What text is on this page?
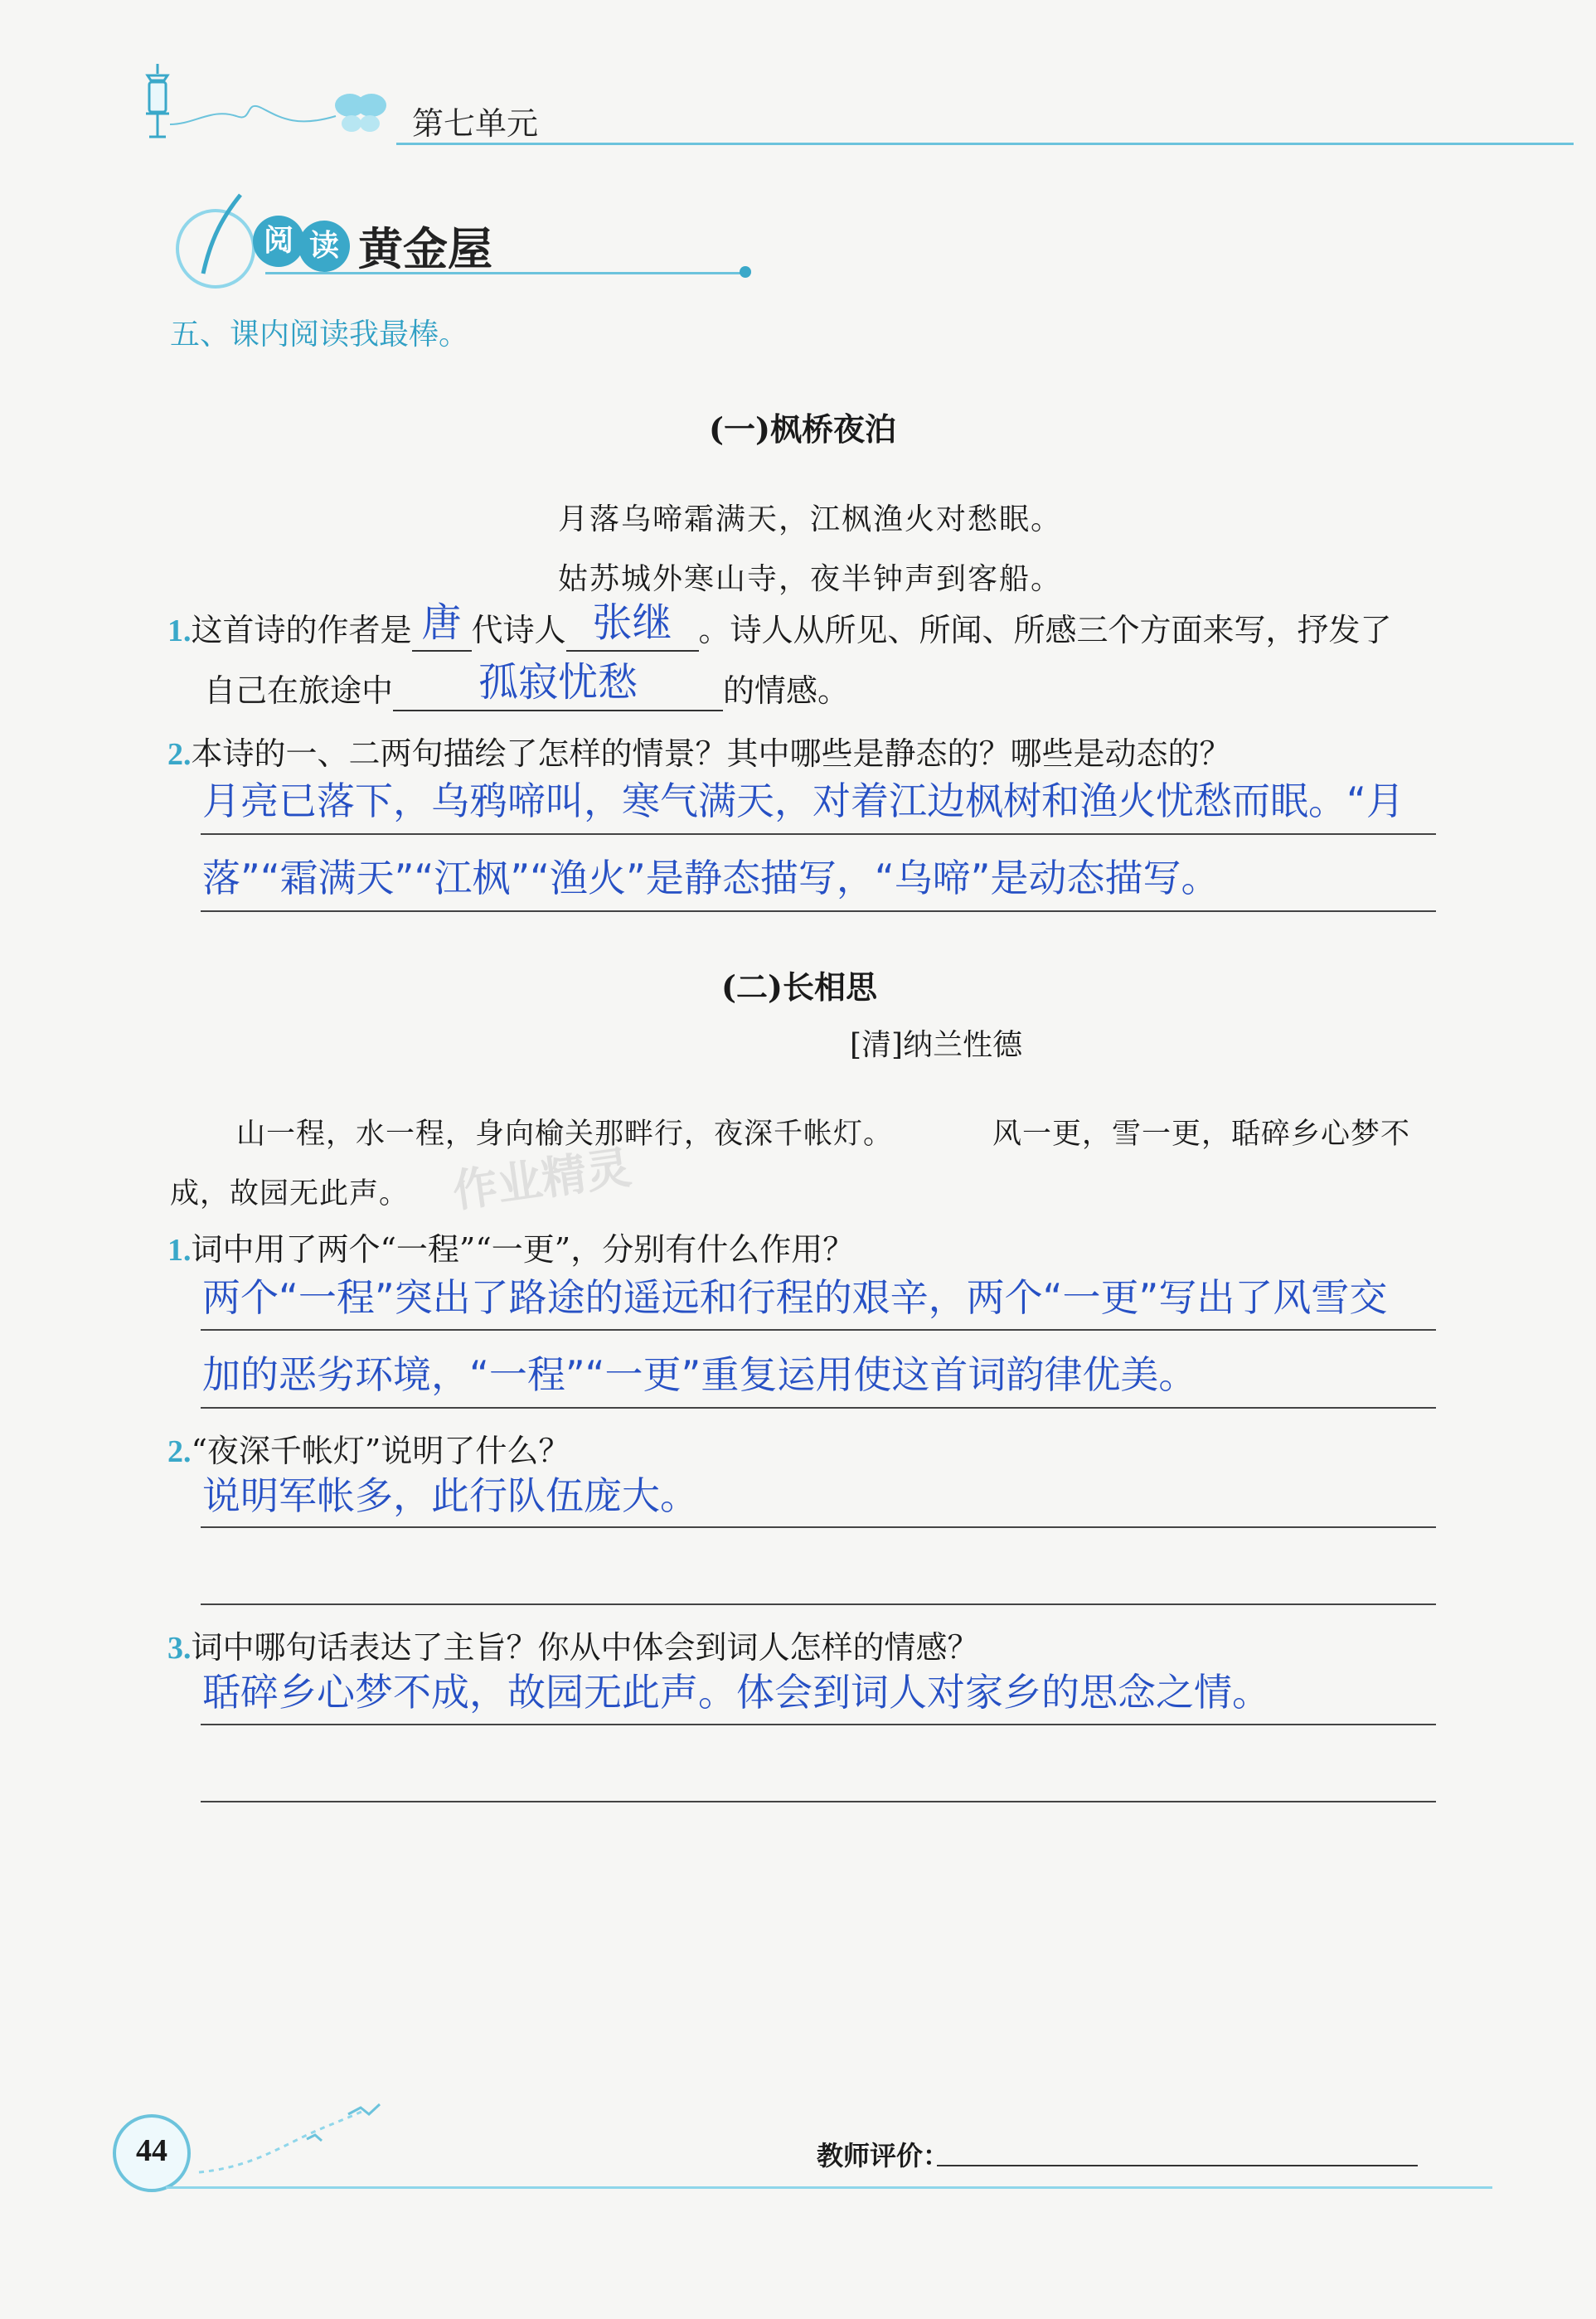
第七单元
阅 读 黄金屋
五、课内阅读我最棒。
(一)枫桥夜泊
月落乌啼霜满天，江枫渔火对愁眠。
姑苏城外寒山寺，夜半钟声到客船。
1.这首诗的作者是 唐 代诗人 张继 。诗人从所见、所闻、所感三个方面来写，抒发了
自己在旅途中	孤寂忧愁	的情感。
2.本诗的一、二两句描绘了怎样的情景？其中哪些是静态的？哪些是动态的？
月亮已落下，乌鸦啼叫，寒气满天，对着江边枫树和渔火忧愁而眠。“月
落”“霜满天”“江枫”“渔火”是静态描写，“乌啼”是动态描写。
(二)长相思
[清]纳兰性德
山一程，水一程，身向榆关那畔行，夜深千帐灯。	风一更，雪一更，聒碎乡心梦不
成，故园无此声。 作业精灵
1.词中用了两个“一程”“一更”，分别有什么作用？
两个“一程”突出了路途的遥远和行程的艰辛，两个“一更”写出了风雪交
加的恶劣环境，“一程”“一更”重复运用使这首词韵律优美。
2.“夜深千帐灯”说明了什么？
说明军帐多，此行队伍庞大。
3.词中哪句话表达了主旨？你从中体会到词人怎样的情感？
聒碎乡心梦不成，故园无此声。体会到词人对家乡的思念之情。
44	教师评价：
